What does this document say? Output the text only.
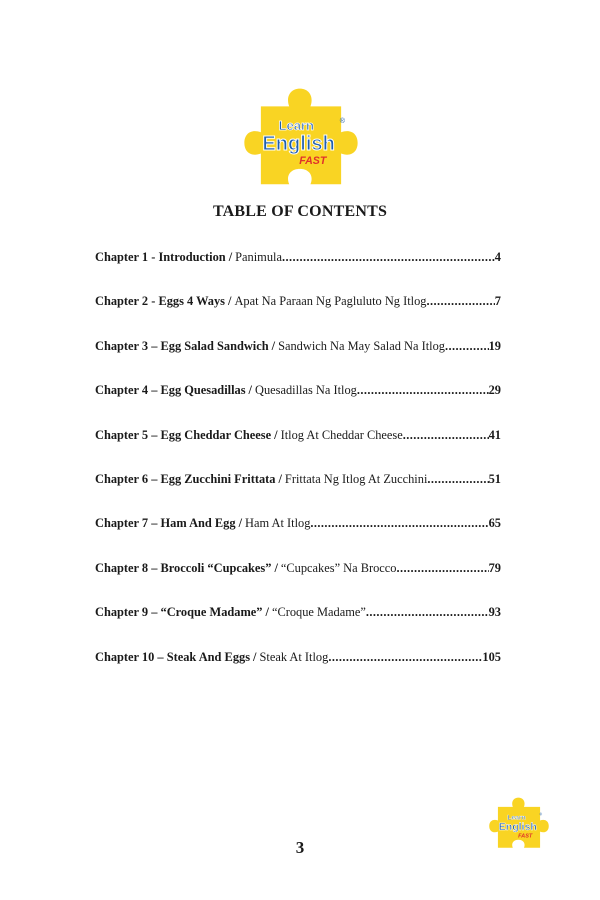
Learn
English
FAST
®
TABLE OF CONTENTS
Chapter 1 - Introduction / Panimula .....	4
Chapter 2 - Eggs 4 Ways / Apat Na Paraan Ng Pagluluto Ng Itlog .....	7
Chapter 3 – Egg Salad Sandwich / Sandwich Na May Salad Na Itlog .....	19
Chapter 4 – Egg Quesadillas / Quesadillas Na Itlog .....	29
Chapter 5 – Egg Cheddar Cheese / Itlog At Cheddar Cheese .....	41
Chapter 6 – Egg Zucchini Frittata / Frittata Ng Itlog At Zucchini .....	51
Chapter 7 – Ham And Egg / Ham At Itlog .....	65
Chapter 8 – Broccoli “Cupcakes” / “Cupcakes” Na Brocco .....	79
Chapter 9 – “Croque Madame” / “Croque Madame” .....	93
Chapter 10 – Steak And Eggs / Steak At Itlog .....	105
Learn
English
FAST
®
3
